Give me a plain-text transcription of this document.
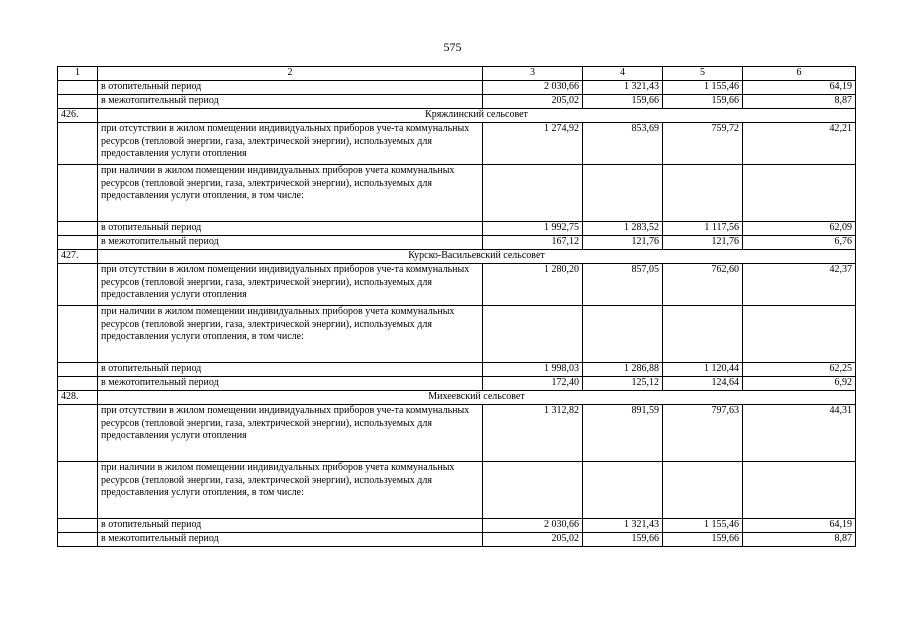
575
1	2	3	4	5	6
	в отопительный период	2 030,66	1 321,43	1 155,46	64,19
	в межотопительный период	205,02	159,66	159,66	8,87
426.	Кряжлинский сельсовет				
	при отсутствии в жилом помещении индивидуальных приборов уче-та коммунальных ресурсов (тепловой энергии, газа, электрической энергии), используемых для предоставления услуги отопления	1 274,92	853,69	759,72	42,21
	при наличии в жилом помещении индивидуальных приборов учета коммунальных ресурсов (тепловой энергии, газа, электрической энергии), используемых для предоставления услуги отопления, в том числе:				
	в отопительный период	1 992,75	1 283,52	1 117,56	62,09
	в межотопительный период	167,12	121,76	121,76	6,76
427.	Курско-Васильевский сельсовет				
	при отсутствии в жилом помещении индивидуальных приборов уче-та коммунальных ресурсов (тепловой энергии, газа, электрической энергии), используемых для предоставления услуги отопления	1 280,20	857,05	762,60	42,37
	при наличии в жилом помещении индивидуальных приборов учета коммунальных ресурсов (тепловой энергии, газа, электрической энергии), используемых для предоставления услуги отопления, в том числе:				
	в отопительный период	1 998,03	1 286,88	1 120,44	62,25
	в межотопительный период	172,40	125,12	124,64	6,92
428.	Михеевский сельсовет				
	при отсутствии в жилом помещении индивидуальных приборов уче-та коммунальных ресурсов (тепловой энергии, газа, электрической энергии), используемых для предоставления услуги отопления	1 312,82	891,59	797,63	44,31
	при наличии в жилом помещении индивидуальных приборов учета коммунальных ресурсов (тепловой энергии, газа, электрической энергии), используемых для предоставления услуги отопления, в том числе:				
	в отопительный период	2 030,66	1 321,43	1 155,46	64,19
	в межотопительный период	205,02	159,66	159,66	8,87
